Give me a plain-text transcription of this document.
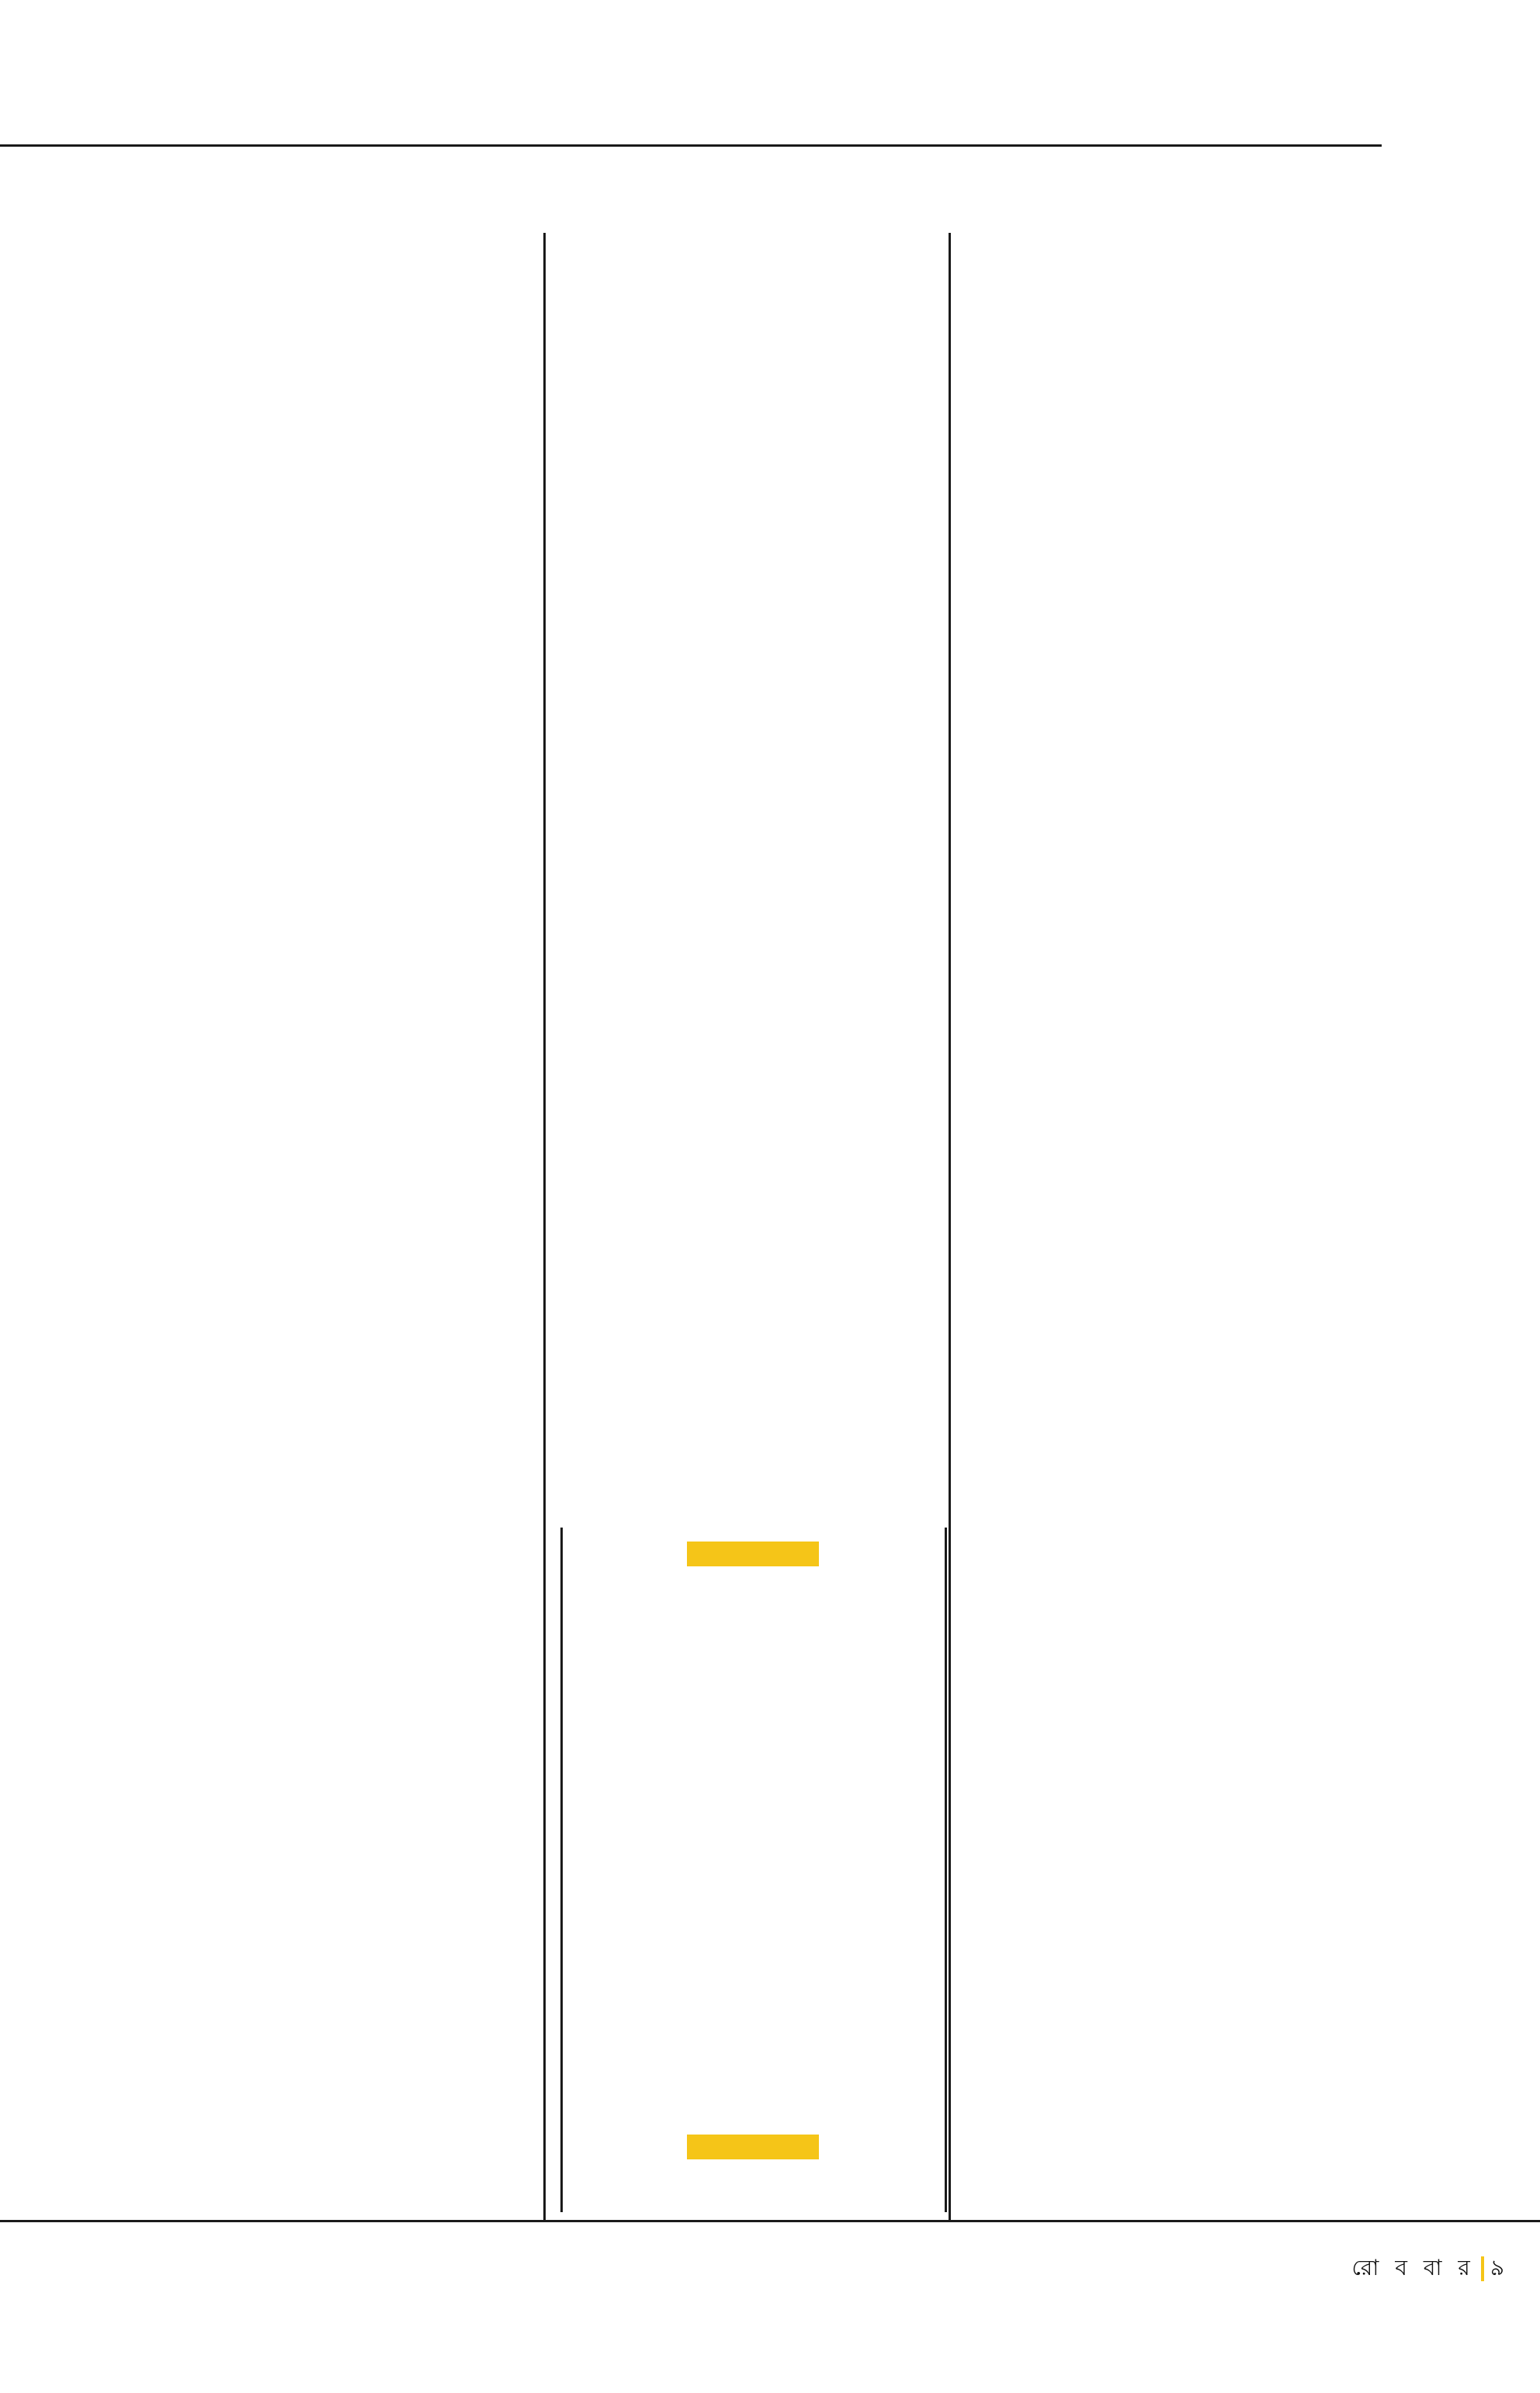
রো ব বা র ৯
